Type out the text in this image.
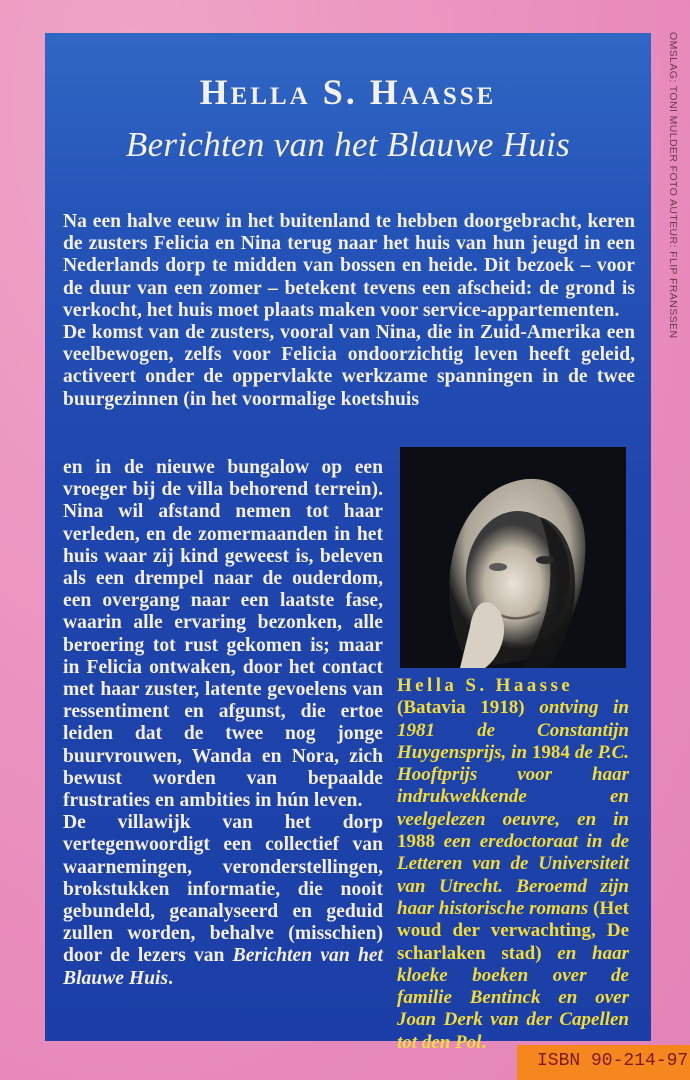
Hella S. Haasse
Berichten van het Blauwe Huis

Na een halve eeuw in het buitenland te hebben doorgebracht, keren de zusters Felicia en Nina terug naar het huis van hun jeugd in een Nederlands dorp te midden van bossen en heide. Dit bezoek – voor de duur van een zomer – betekent tevens een afscheid: de grond is verkocht, het huis moet plaats maken voor service-appartementen.

De komst van de zusters, vooral van Nina, die in Zuid-Amerika een veelbewogen, zelfs voor Felicia ondoorzichtig leven heeft geleid, activeert onder de oppervlakte werkzame spanningen in de twee buurgezinnen (in het voormalige koetshuis

en in de nieuwe bungalow op een vroeger bij de villa behorend terrein). Nina wil afstand nemen tot haar verleden, en de zomermaanden in het huis waar zij kind geweest is, beleven als een drempel naar de ouderdom, een overgang naar een laatste fase, waarin alle ervaring bezonken, alle beroering tot rust gekomen is; maar in Felicia ontwaken, door het contact met haar zuster, latente gevoelens van ressentiment en afgunst, die ertoe leiden dat de twee nog jonge buurvrouwen, Wanda en Nora, zich bewust worden van bepaalde frustraties en ambities in hún leven.

De villawijk van het dorp vertegenwoordigt een collectief van waarnemingen, veronderstellingen, brokstukken informatie, die nooit gebundeld, geanalyseerd en geduid zullen worden, behalve (misschien) door de lezers van Berichten van het Blauwe Huis.

Hella S. Haasse
(Batavia 1918) ontving in 1981 de Constantijn Huygensprijs, in 1984 de P.C. Hooftprijs voor haar indrukwekkende en veelgelezen oeuvre, en in 1988 een eredoctoraat in de Letteren van de Universiteit van Utrecht. Beroemd zijn haar historische romans (Het woud der verwachting, De scharlaken stad) en haar kloeke boeken over de familie Bentinck en over Joan Derk van der Capellen tot den Pol.
OMSLAG: TONI MULDER FOTO AUTEUR: FLIP FRANSSEN
ISBN 90-214-97
